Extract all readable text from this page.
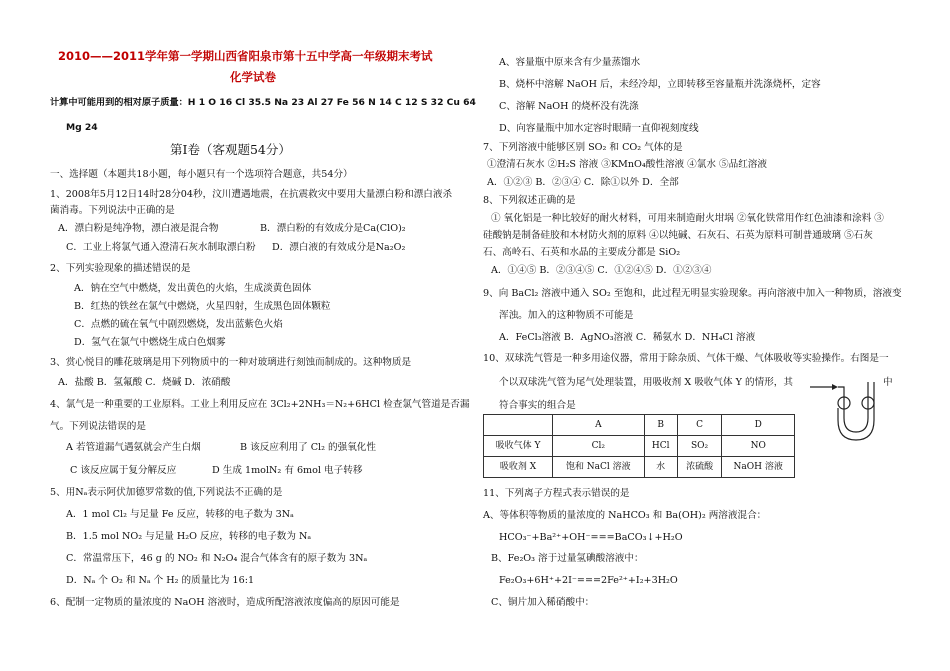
2010——2011学年第一学期山西省阳泉市第十五中学高一年级期末考试
化学试卷
计算中可能用到的相对原子质量：H 1 O 16 Cl 35.5 Na 23 Al 27 Fe 56 N 14 C 12 S 32 Cu 64
Mg 24
第Ⅰ卷（客观题54分）
一、选择题（本题共18小题，每小题只有一个选项符合题意，共54分）
1、2008年5月12日14时28分04秒，汶川遭遇地震，在抗震救灾中要用大量漂白粉和漂白液杀
菌消毒。下列说法中正确的是
A．漂白粉是纯净物，漂白液是混合物	B．漂白粉的有效成分是Ca(ClO)₂
C．工业上将氯气通入澄清石灰水制取漂白粉 D．漂白液的有效成分是Na₂O₂
2、下列实验现象的描述错误的是
A．钠在空气中燃烧，发出黄色的火焰，生成淡黄色固体
B．红热的铁丝在氯气中燃烧，火星四射，生成黑色固体颗粒
C．点燃的硫在氧气中剧烈燃烧，发出蓝紫色火焰
D．氢气在氯气中燃烧生成白色烟雾
3、赏心悦目的雕花玻璃是用下列物质中的一种对玻璃进行刻蚀而制成的。这种物质是
A．盐酸 B．氢氟酸 C．烧碱 D．浓硝酸
4、氯气是一种重要的工业原料。工业上利用反应在 3Cl₂+2NH₃＝N₂+6HCl 检查氯气管道是否漏
气。下列说法错误的是
A 若管道漏气遇氨就会产生白烟	B 该反应利用了 Cl₂ 的强氧化性
C 该反应属于复分解反应	D 生成 1molN₂ 有 6mol 电子转移
5、用Nₐ表示阿伏加德罗常数的值,下列说法不正确的是
A．1 mol Cl₂ 与足量 Fe 反应，转移的电子数为 3Nₐ
B．1.5 mol NO₂ 与足量 H₂O 反应，转移的电子数为 Nₐ
C．常温常压下，46 g 的 NO₂ 和 N₂O₄ 混合气体含有的原子数为 3Nₐ
D．Nₐ 个 O₂ 和 Nₐ 个 H₂ 的质量比为 16:1
6、配制一定物质的量浓度的 NaOH 溶液时，造成所配溶液浓度偏高的原因可能是
A、容量瓶中原来含有少量蒸馏水
B、烧杯中溶解 NaOH 后，未经冷却，立即转移至容量瓶并洗涤烧杯，定容
C、溶解 NaOH 的烧杯没有洗涤
D、向容量瓶中加水定容时眼睛一直仰视刻度线
7、下列溶液中能够区别 SO₂ 和 CO₂ 气体的是
①澄清石灰水 ②H₂S 溶液 ③KMnO₄酸性溶液 ④氯水 ⑤品红溶液
A．①②③ B．②③④ C．除①以外 D．全部
8、下列叙述正确的是
① 氧化铝是一种比较好的耐火材料，可用来制造耐火坩埚 ②氧化铁常用作红色油漆和涂料 ③
硅酸钠是制备硅胶和木材防火剂的原料 ④以纯碱、石灰石、石英为原料可制普通玻璃 ⑤石灰
石、高岭石、石英和水晶的主要成分都是 SiO₂
A．①④⑤ B．②③④⑤ C．①②④⑤ D．①②③④
9、向 BaCl₂ 溶液中通入 SO₂ 至饱和，此过程无明显实验现象。再向溶液中加入一种物质，溶液变
浑浊。加入的这种物质不可能是
A．FeCl₃溶液 B．AgNO₃溶液 C．稀氨水 D．NH₄Cl 溶液
10、双球洗气管是一种多用途仪器，常用于除杂质、气体干燥、气体吸收等实验操作。右图是一
个以双球洗气管为尾气处理装置，用吸收剂 X 吸收气体 Y 的情形，其	中
符合事实的组合是
	A	B	C	D
吸收气体 Y	Cl₂	HCl	SO₂	NO
吸收剂 X	饱和 NaCl 溶液	水	浓硫酸	NaOH 溶液
11、下列离子方程式表示错误的是
A、等体积等物质的量浓度的 NaHCO₃ 和 Ba(OH)₂ 两溶液混合：
HCO₃⁻+Ba²⁺+OH⁻===BaCO₃↓+H₂O
B、Fe₂O₃ 溶于过量氢碘酸溶液中：
Fe₂O₃+6H⁺+2I⁻===2Fe²⁺+I₂+3H₂O
C、铜片加入稀硝酸中：
